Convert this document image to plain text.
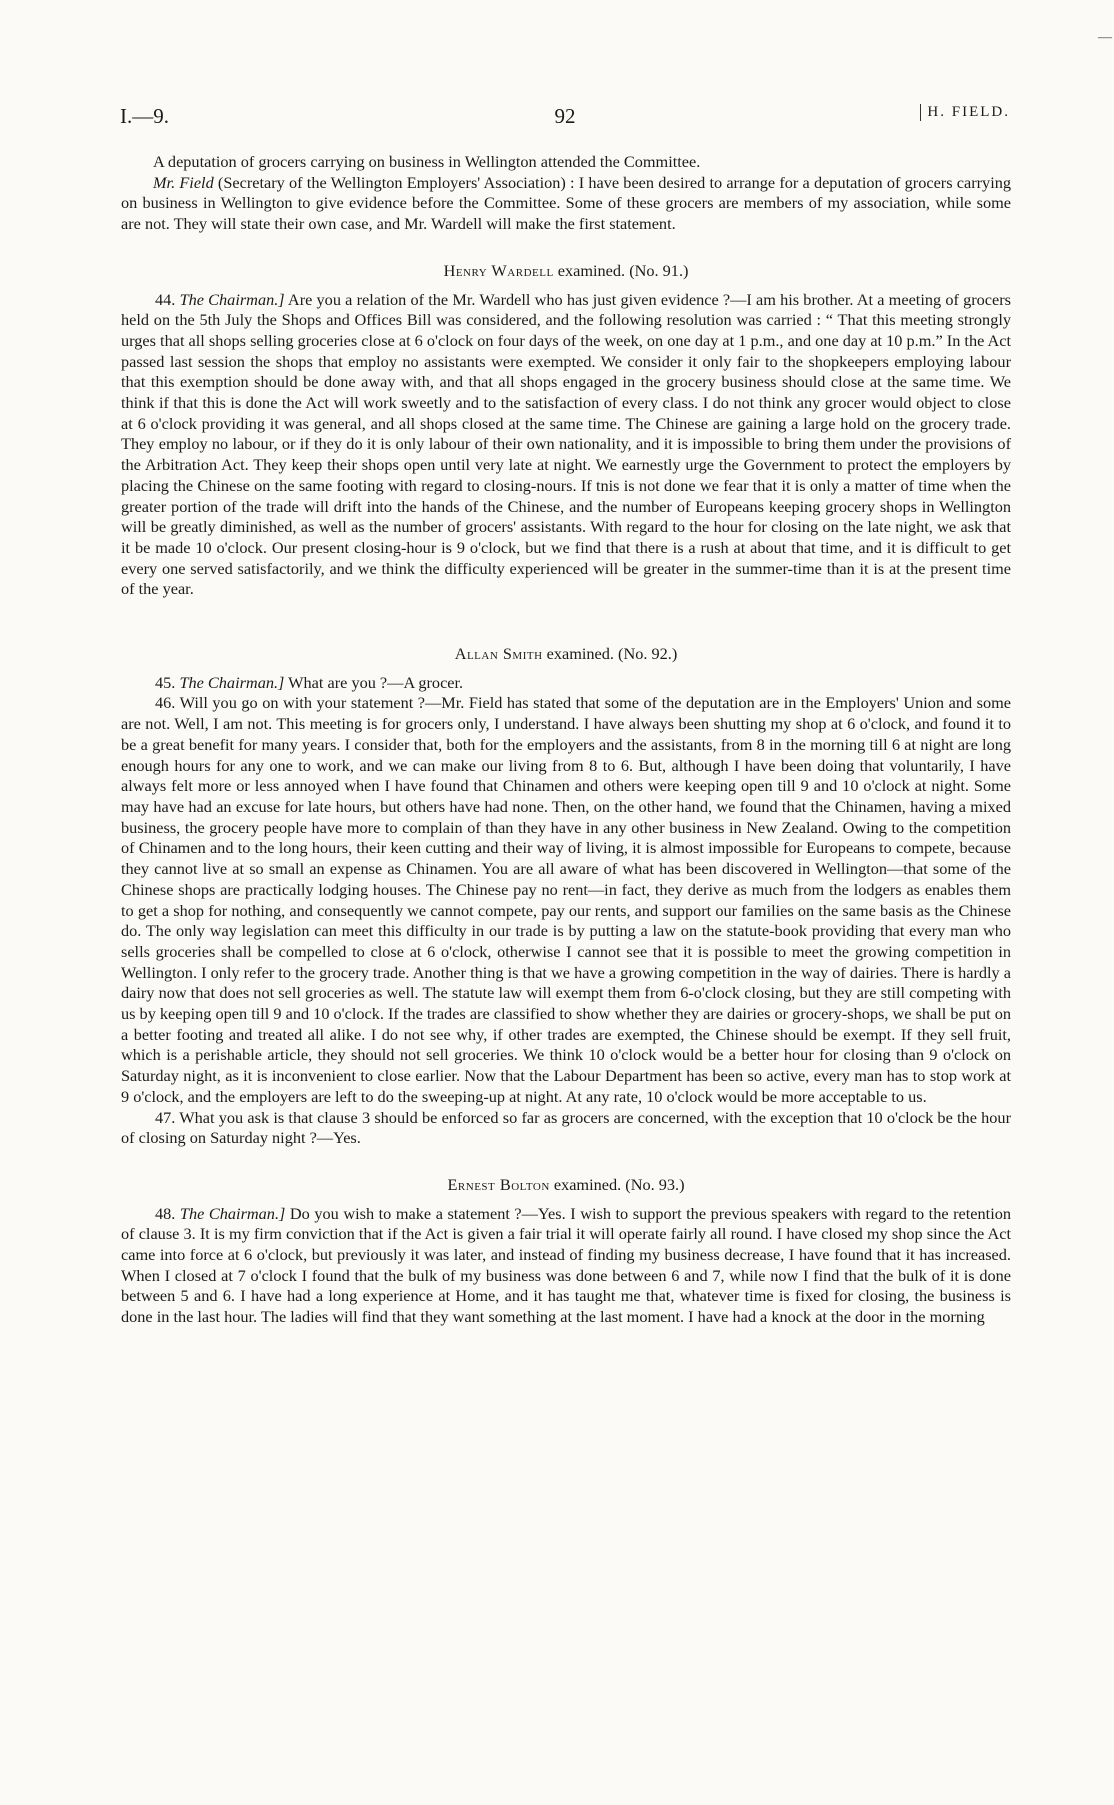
—
I.—9.	92	H. FIELD.

A deputation of grocers carrying on business in Wellington attended the Committee.

Mr. Field (Secretary of the Wellington Employers' Association) : I have been desired to arrange for a deputation of grocers carrying on business in Wellington to give evidence before the Committee. Some of these grocers are members of my association, while some are not. They will state their own case, and Mr. Wardell will make the first statement.

Henry Wardell examined. (No. 91.)

44. The Chairman.] Are you a relation of the Mr. Wardell who has just given evidence ?—I am his brother. At a meeting of grocers held on the 5th July the Shops and Offices Bill was considered, and the following resolution was carried : “ That this meeting strongly urges that all shops selling groceries close at 6 o'clock on four days of the week, on one day at 1 p.m., and one day at 10 p.m.” In the Act passed last session the shops that employ no assistants were exempted. We consider it only fair to the shopkeepers employing labour that this exemption should be done away with, and that all shops engaged in the grocery business should close at the same time. We think if that this is done the Act will work sweetly and to the satisfaction of every class. I do not think any grocer would object to close at 6 o'clock providing it was general, and all shops closed at the same time. The Chinese are gaining a large hold on the grocery trade. They employ no labour, or if they do it is only labour of their own nationality, and it is impossible to bring them under the provisions of the Arbitration Act. They keep their shops open until very late at night. We earnestly urge the Government to protect the employers by placing the Chinese on the same footing with regard to closing-nours. If tnis is not done we fear that it is only a matter of time when the greater portion of the trade will drift into the hands of the Chinese, and the number of Europeans keeping grocery shops in Wellington will be greatly diminished, as well as the number of grocers' assistants. With regard to the hour for closing on the late night, we ask that it be made 10 o'clock. Our present closing-hour is 9 o'clock, but we find that there is a rush at about that time, and it is difficult to get every one served satisfactorily, and we think the difficulty experienced will be greater in the summer-time than it is at the present time of the year.

Allan Smith examined. (No. 92.)

45. The Chairman.] What are you ?—A grocer.

46. Will you go on with your statement ?—Mr. Field has stated that some of the deputation are in the Employers' Union and some are not. Well, I am not. This meeting is for grocers only, I understand. I have always been shutting my shop at 6 o'clock, and found it to be a great benefit for many years. I consider that, both for the employers and the assistants, from 8 in the morning till 6 at night are long enough hours for any one to work, and we can make our living from 8 to 6. But, although I have been doing that voluntarily, I have always felt more or less annoyed when I have found that Chinamen and others were keeping open till 9 and 10 o'clock at night. Some may have had an excuse for late hours, but others have had none. Then, on the other hand, we found that the Chinamen, having a mixed business, the grocery people have more to complain of than they have in any other business in New Zealand. Owing to the competition of Chinamen and to the long hours, their keen cutting and their way of living, it is almost impossible for Europeans to compete, because they cannot live at so small an expense as Chinamen. You are all aware of what has been discovered in Wellington—that some of the Chinese shops are practically lodging houses. The Chinese pay no rent—in fact, they derive as much from the lodgers as enables them to get a shop for nothing, and consequently we cannot compete, pay our rents, and support our families on the same basis as the Chinese do. The only way legislation can meet this difficulty in our trade is by putting a law on the statute-book providing that every man who sells groceries shall be compelled to close at 6 o'clock, otherwise I cannot see that it is possible to meet the growing competition in Wellington. I only refer to the grocery trade. Another thing is that we have a growing competition in the way of dairies. There is hardly a dairy now that does not sell groceries as well. The statute law will exempt them from 6-o'clock closing, but they are still competing with us by keeping open till 9 and 10 o'clock. If the trades are classified to show whether they are dairies or grocery-shops, we shall be put on a better footing and treated all alike. I do not see why, if other trades are exempted, the Chinese should be exempt. If they sell fruit, which is a perishable article, they should not sell groceries. We think 10 o'clock would be a better hour for closing than 9 o'clock on Saturday night, as it is inconvenient to close earlier. Now that the Labour Department has been so active, every man has to stop work at 9 o'clock, and the employers are left to do the sweeping-up at night. At any rate, 10 o'clock would be more acceptable to us.

47. What you ask is that clause 3 should be enforced so far as grocers are concerned, with the exception that 10 o'clock be the hour of closing on Saturday night ?—Yes.

Ernest Bolton examined. (No. 93.)

48. The Chairman.] Do you wish to make a statement ?—Yes. I wish to support the previous speakers with regard to the retention of clause 3. It is my firm conviction that if the Act is given a fair trial it will operate fairly all round. I have closed my shop since the Act came into force at 6 o'clock, but previously it was later, and instead of finding my business decrease, I have found that it has increased. When I closed at 7 o'clock I found that the bulk of my business was done between 6 and 7, while now I find that the bulk of it is done between 5 and 6. I have had a long experience at Home, and it has taught me that, whatever time is fixed for closing, the business is done in the last hour. The ladies will find that they want something at the last moment. I have had a knock at the door in the morning
